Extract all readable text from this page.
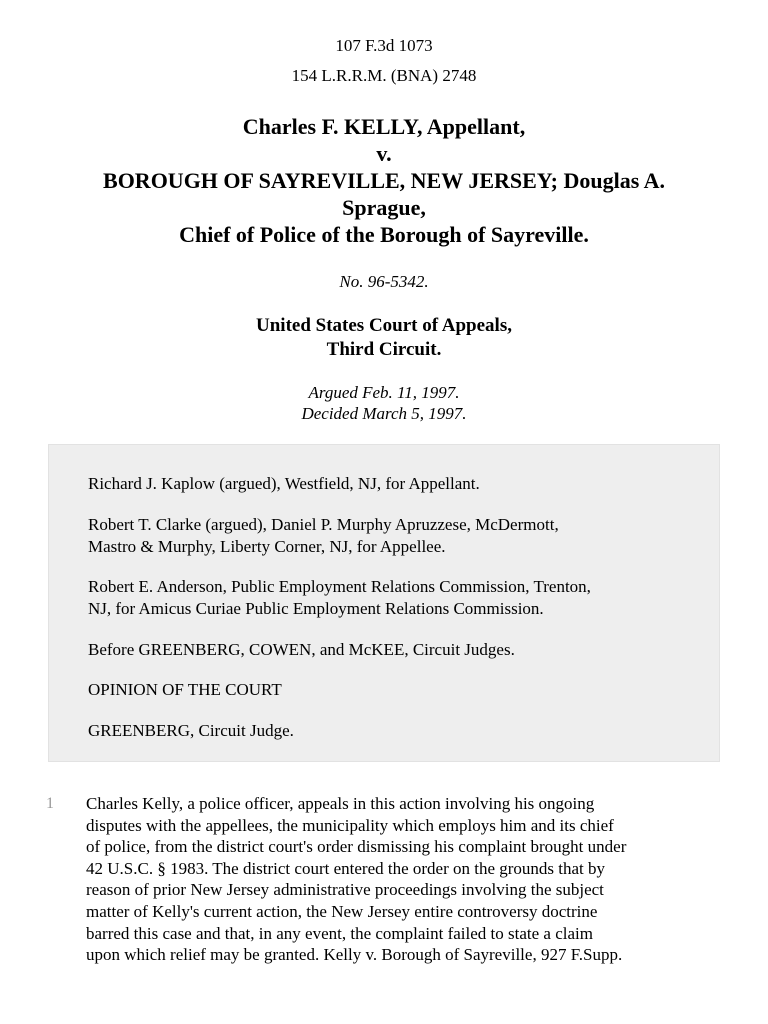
107 F.3d 1073
154 L.R.R.M. (BNA) 2748
Charles F. KELLY, Appellant,
v.
BOROUGH OF SAYREVILLE, NEW JERSEY; Douglas A.
Sprague,
Chief of Police of the Borough of Sayreville.
No. 96-5342.
United States Court of Appeals,
Third Circuit.
Argued Feb. 11, 1997.
Decided March 5, 1997.
Richard J. Kaplow (argued), Westfield, NJ, for Appellant.
Robert T. Clarke (argued), Daniel P. Murphy Apruzzese, McDermott,
Mastro & Murphy, Liberty Corner, NJ, for Appellee.
Robert E. Anderson, Public Employment Relations Commission, Trenton,
NJ, for Amicus Curiae Public Employment Relations Commission.
Before GREENBERG, COWEN, and McKEE, Circuit Judges.
OPINION OF THE COURT
GREENBERG, Circuit Judge.
1 Charles Kelly, a police officer, appeals in this action involving his ongoing
disputes with the appellees, the municipality which employs him and its chief
of police, from the district court's order dismissing his complaint brought under
42 U.S.C. § 1983. The district court entered the order on the grounds that by
reason of prior New Jersey administrative proceedings involving the subject
matter of Kelly's current action, the New Jersey entire controversy doctrine
barred this case and that, in any event, the complaint failed to state a claim
upon which relief may be granted. Kelly v. Borough of Sayreville, 927 F.Supp.
